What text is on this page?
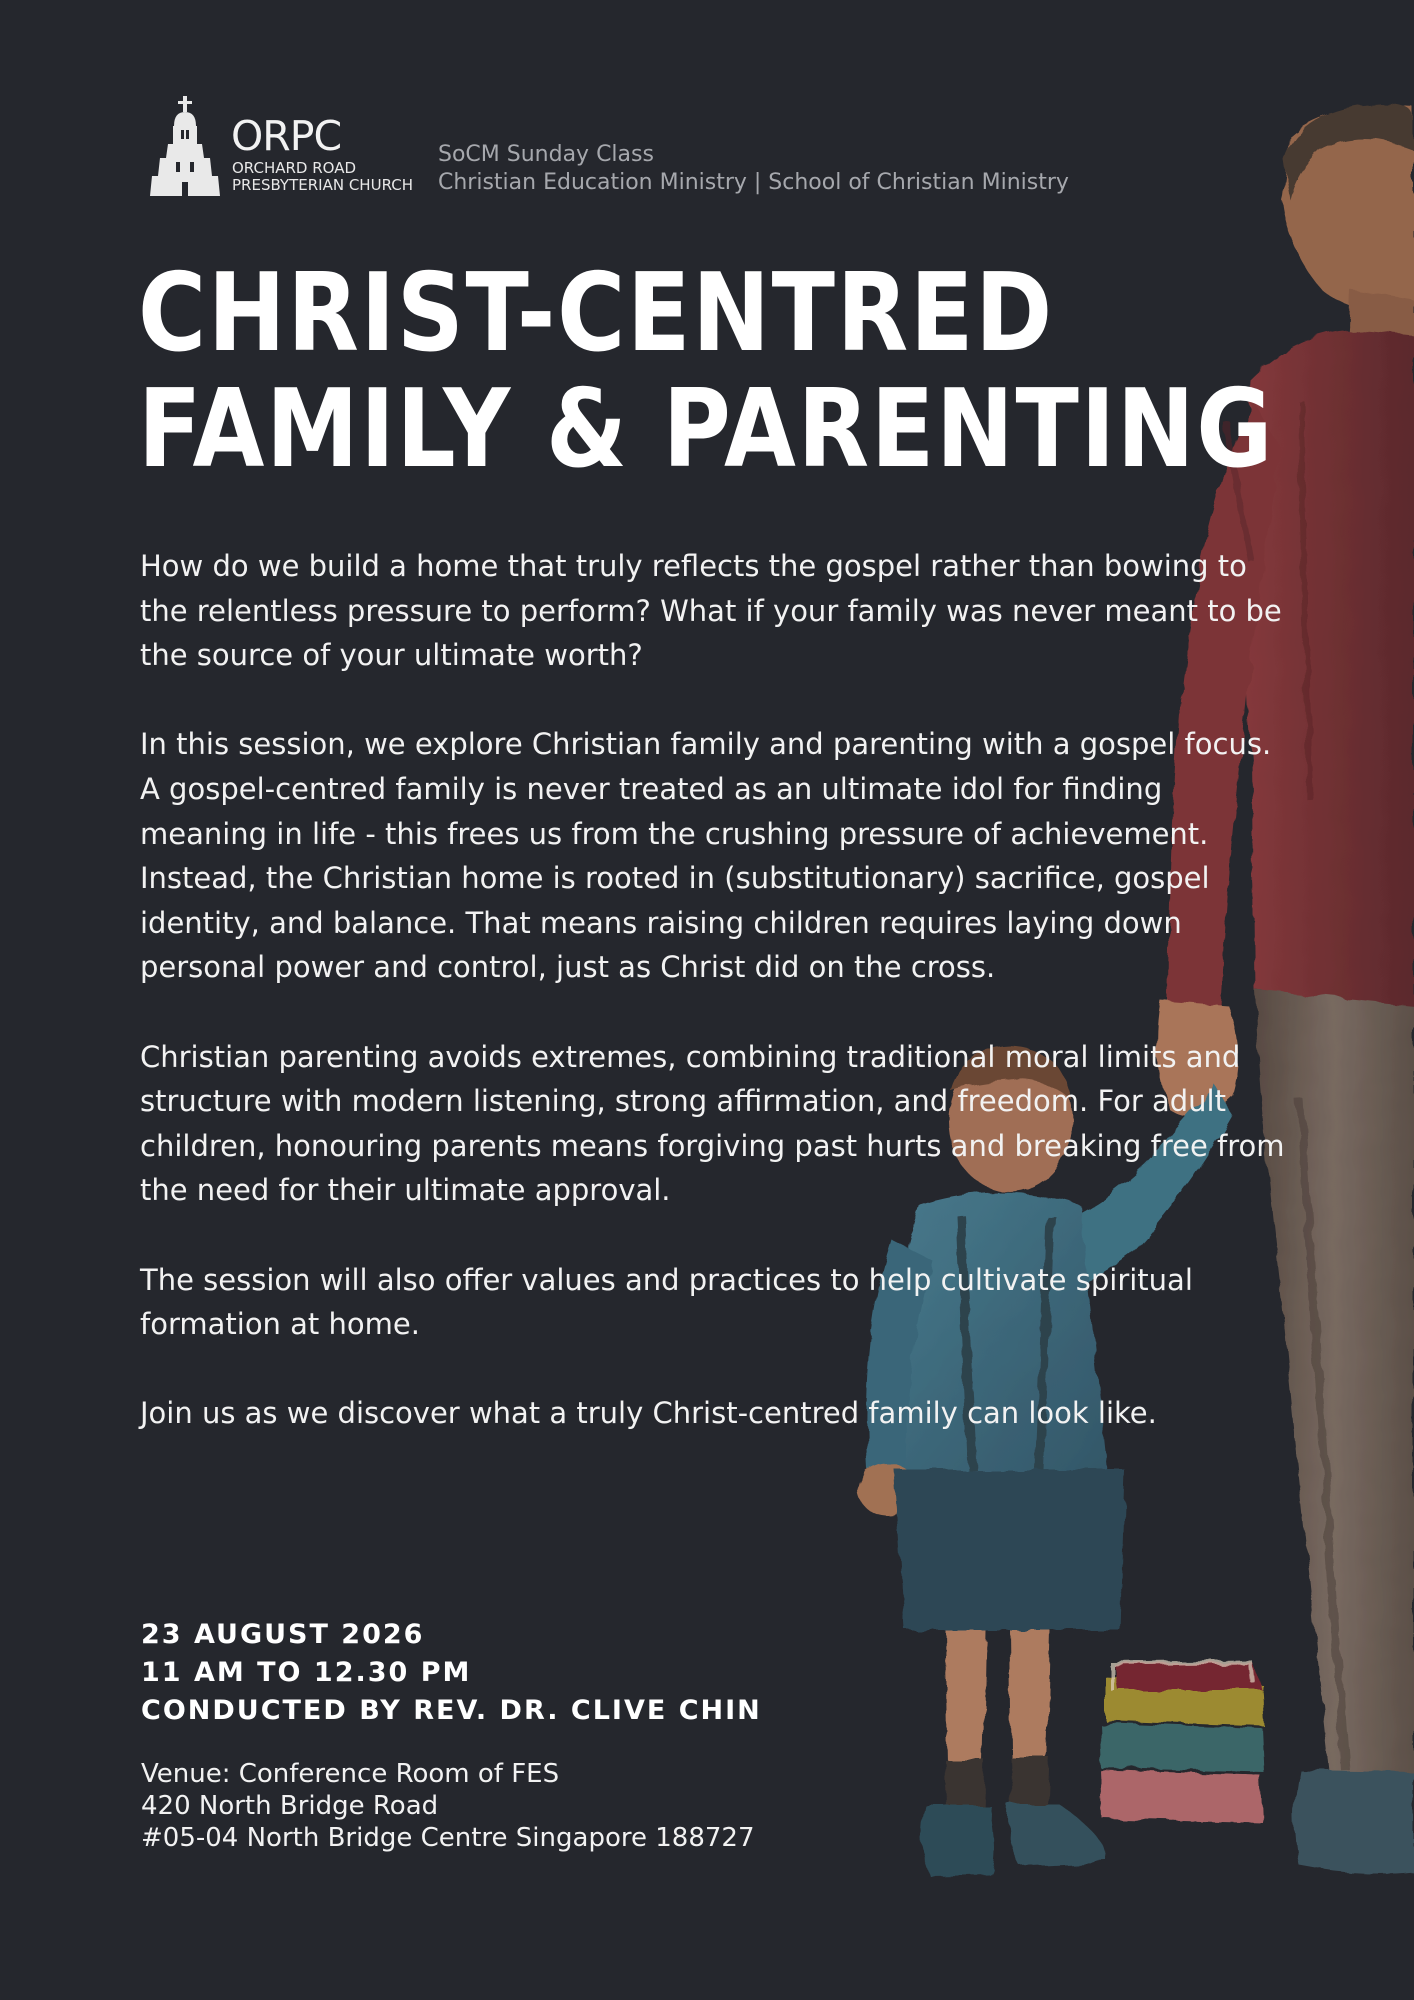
ORPC
ORCHARD ROAD
PRESBYTERIAN CHURCH
SoCM Sunday Class
Christian Education Ministry | School of Christian Ministry
CHRIST-CENTRED
FAMILY & PARENTING

How do we build a home that truly reflects the gospel rather than bowing to the relentless pressure to perform? What if your family was never meant to be the source of your ultimate worth?

In this session, we explore Christian family and parenting with a gospel focus. A gospel-centred family is never treated as an ultimate idol for finding meaning in life - this frees us from the crushing pressure of achievement. Instead, the Christian home is rooted in (substitutionary) sacrifice, gospel identity, and balance. That means raising children requires laying down personal power and control, just as Christ did on the cross.

Christian parenting avoids extremes, combining traditional moral limits and structure with modern listening, strong affirmation, and freedom. For adult children, honouring parents means forgiving past hurts and breaking free from the need for their ultimate approval.

The session will also offer values and practices to help cultivate spiritual formation at home.

Join us as we discover what a truly Christ-centred family can look like.

23 AUGUST 2026
11 AM TO 12.30 PM
CONDUCTED BY REV. DR. CLIVE CHIN
Venue: Conference Room of FES
420 North Bridge Road
#05-04 North Bridge Centre Singapore 188727
